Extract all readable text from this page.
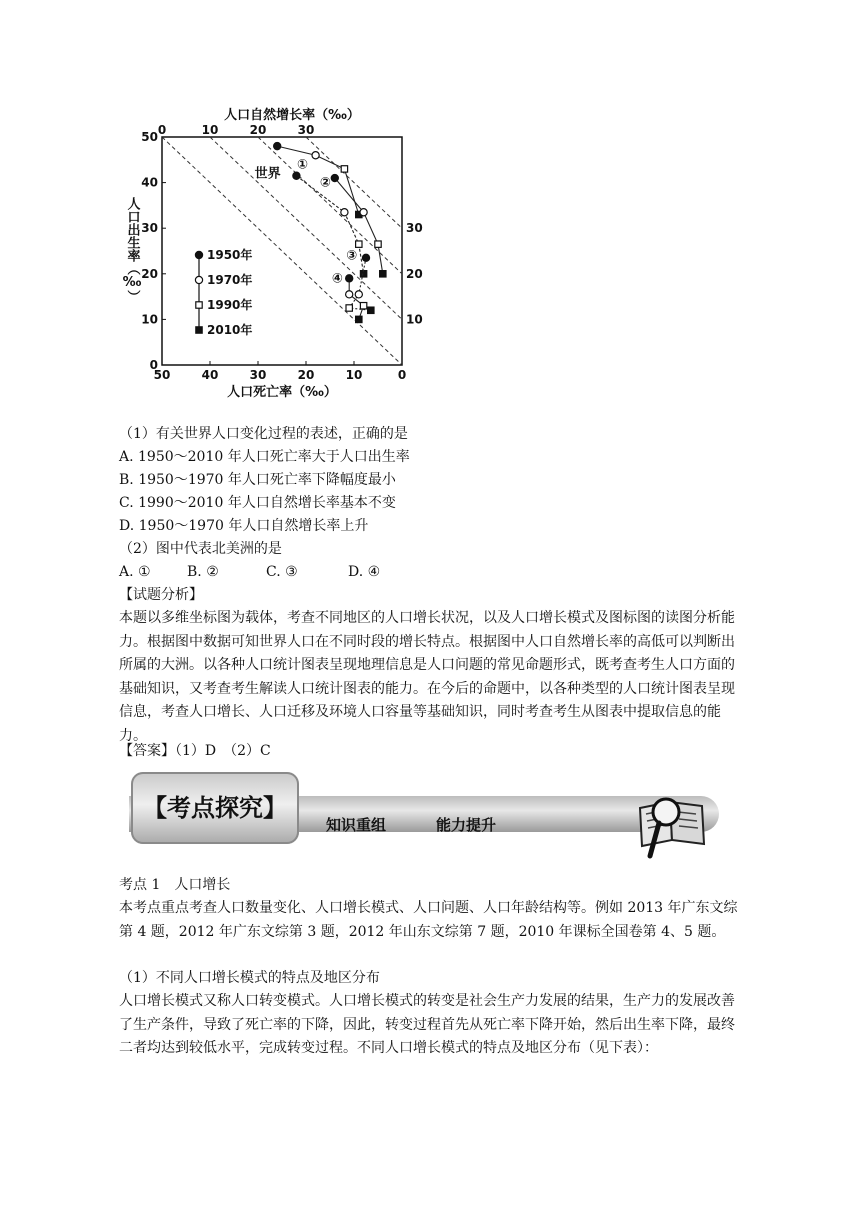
50	40	30	20	10	0
50
40
30
20
10
0
0	10	20	30
30
20
10
人口自然增长率（‰）
人口死亡率（‰）
人口出生率（‰）
世界
①
②
③
④
1950年
1970年
1990年
2010年
（1）有关世界人口变化过程的表述，正确的是
A. 1950～2010 年人口死亡率大于人口出生率
B. 1950～1970 年人口死亡率下降幅度最小
C. 1990～2010 年人口自然增长率基本不变
D. 1950～1970 年人口自然增长率上升
（2）图中代表北美洲的是
A. ①	B. ②	C. ③	D. ④
【试题分析】
本题以多维坐标图为载体，考查不同地区的人口增长状况，以及人口增长模式及图标图的读图分析能力。根据图中数据可知世界人口在不同时段的增长特点。根据图中人口自然增长率的高低可以判断出所属的大洲。以各种人口统计图表呈现地理信息是人口问题的常见命题形式，既考查考生人口方面的基础知识，又考查考生解读人口统计图表的能力。在今后的命题中，以各种类型的人口统计图表呈现信息，考查人口增长、人口迁移及环境人口容量等基础知识，同时考查考生从图表中提取信息的能力。
【答案】（1）D　（2）C
知识重组	能力提升
【考点探究】
考点 1　人口增长
本考点重点考查人口数量变化、人口增长模式、人口问题、人口年龄结构等。例如 2013 年广东文综第 4 题，2012 年广东文综第 3 题，2012 年山东文综第 7 题，2010 年课标全国卷第 4、5 题。
（1）不同人口增长模式的特点及地区分布
人口增长模式又称人口转变模式。人口增长模式的转变是社会生产力发展的结果，生产力的发展改善了生产条件，导致了死亡率的下降，因此，转变过程首先从死亡率下降开始，然后出生率下降，最终二者均达到较低水平，完成转变过程。不同人口增长模式的特点及地区分布（见下表）：
